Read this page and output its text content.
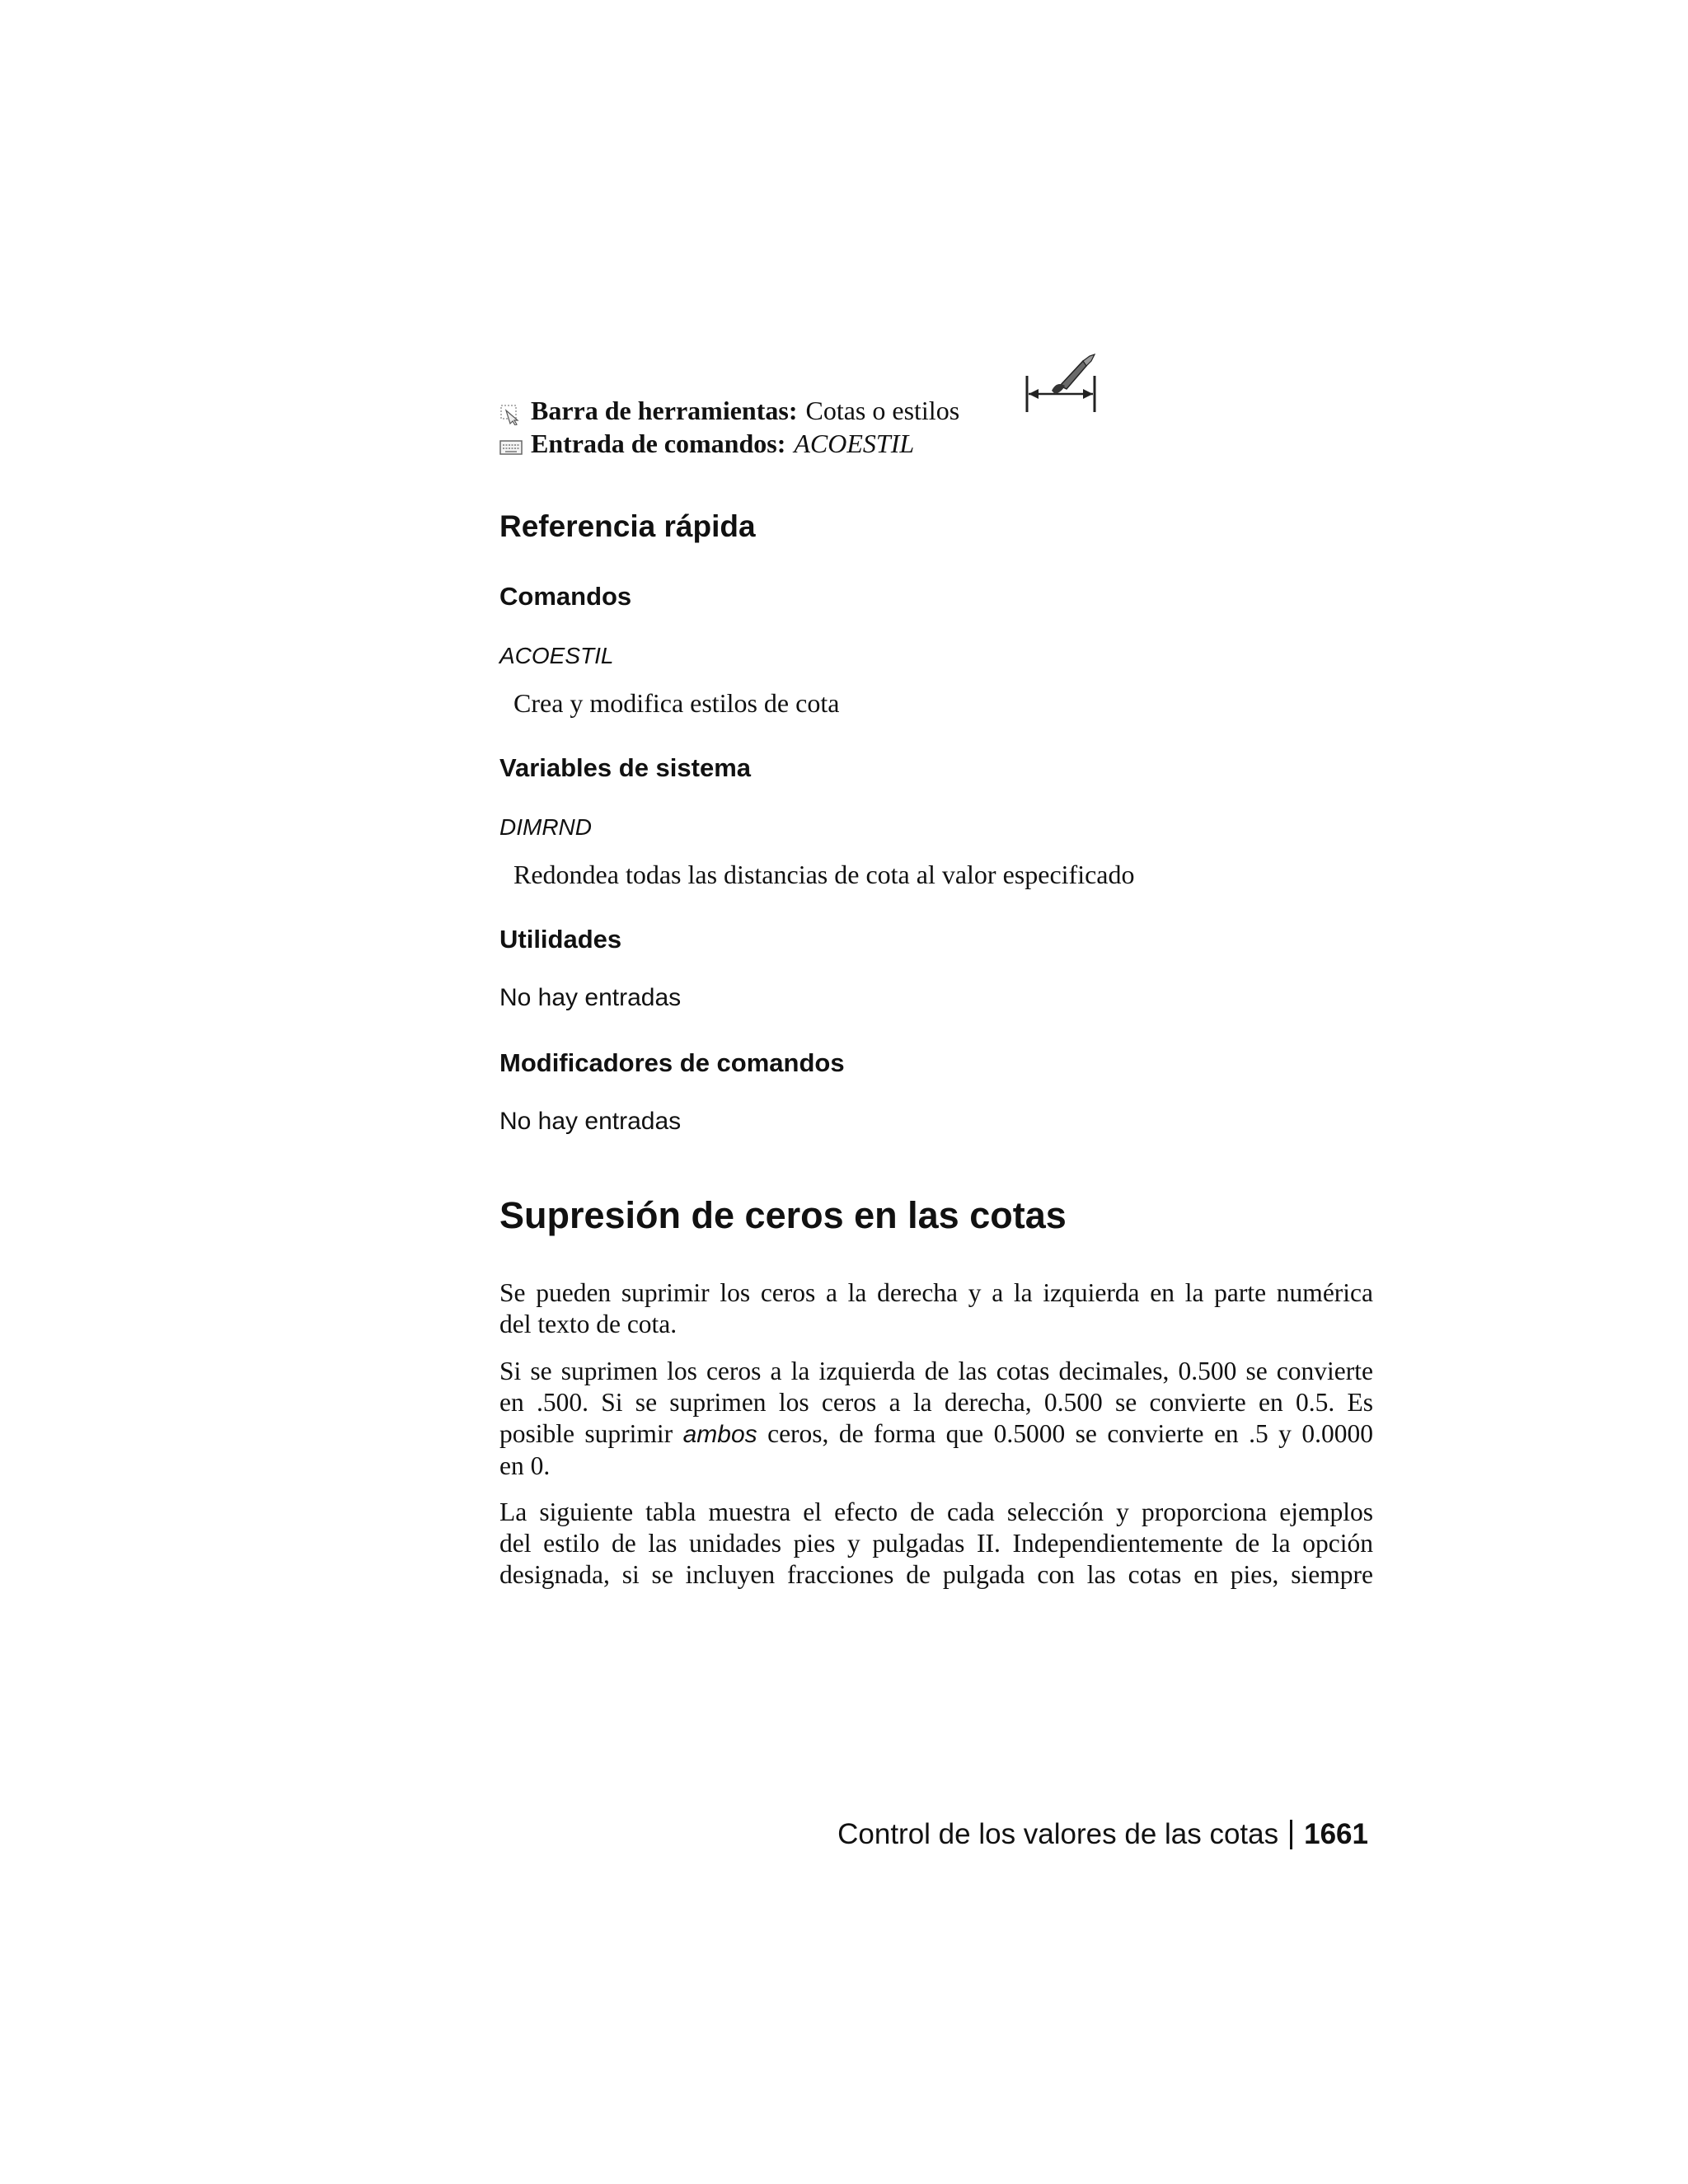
Barra de herramientas: Cotas o estilos
Entrada de comandos: ACOESTIL
Referencia rápida
Comandos
ACOESTIL
Crea y modifica estilos de cota
Variables de sistema
DIMRND
Redondea todas las distancias de cota al valor especificado
Utilidades
No hay entradas
Modificadores de comandos
No hay entradas
Supresión de ceros en las cotas
Se pueden suprimir los ceros a la derecha y a la izquierda en la parte numérica
del texto de cota.
Si se suprimen los ceros a la izquierda de las cotas decimales, 0.500 se convierte
en .500. Si se suprimen los ceros a la derecha, 0.500 se convierte en 0.5. Es
posible suprimir ambos ceros, de forma que 0.5000 se convierte en .5 y 0.0000
en 0.
La siguiente tabla muestra el efecto de cada selección y proporciona ejemplos
del estilo de las unidades pies y pulgadas II. Independientemente de la opción
designada, si se incluyen fracciones de pulgada con las cotas en pies, siempre
Control de los valores de las cotas 1661
